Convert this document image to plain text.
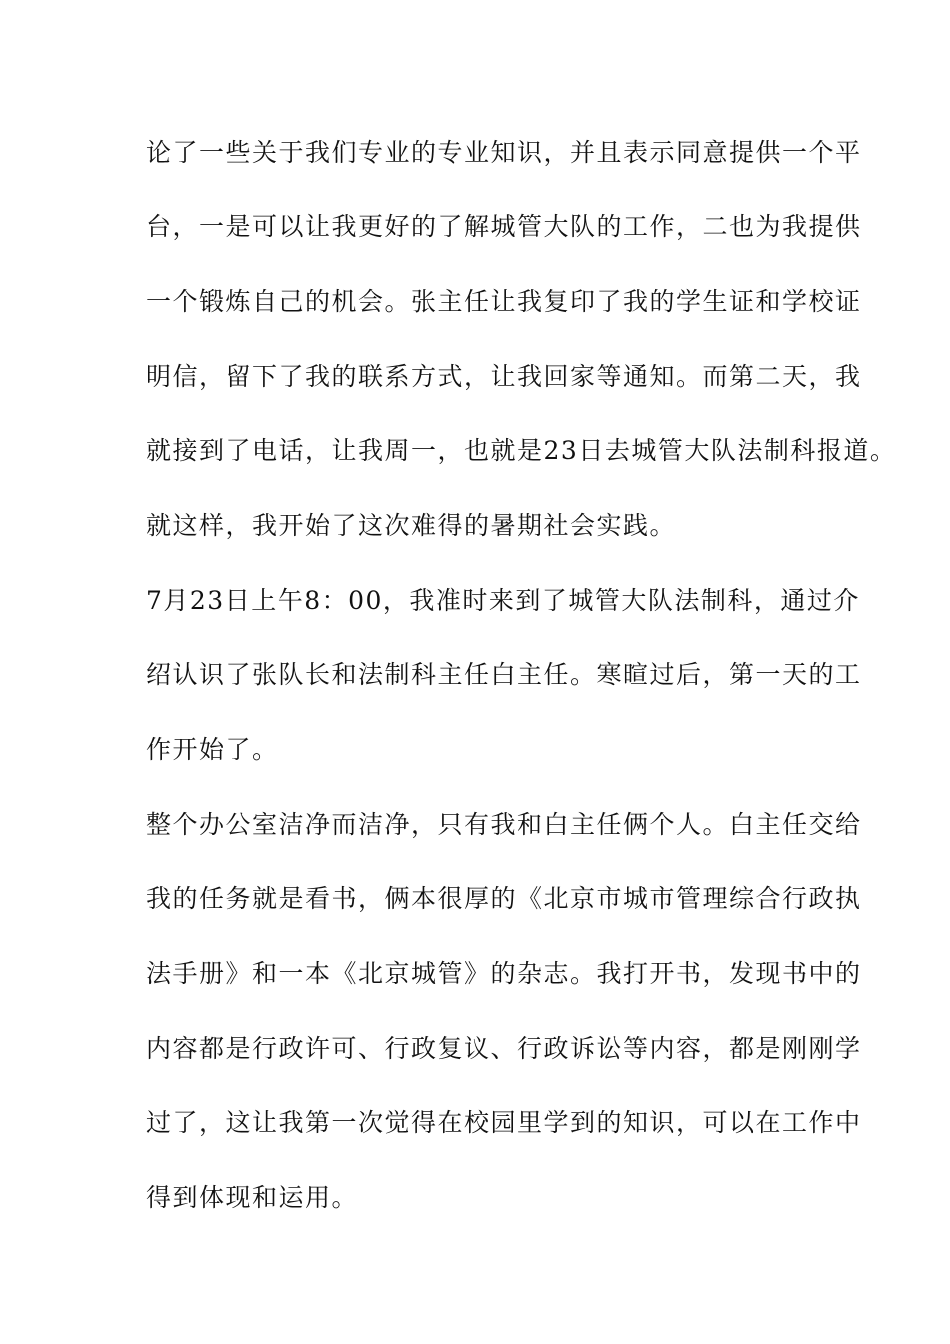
论了一些关于我们专业的专业知识，并且表示同意提供一个平

台，一是可以让我更好的了解城管大队的工作，二也为我提供

一个锻炼自己的机会。张主任让我复印了我的学生证和学校证

明信，留下了我的联系方式，让我回家等通知。而第二天，我

就接到了电话，让我周一，也就是23日去城管大队法制科报道。

就这样，我开始了这次难得的暑期社会实践。

7月23日上午8：00，我准时来到了城管大队法制科，通过介

绍认识了张队长和法制科主任白主任。寒暄过后，第一天的工

作开始了。

整个办公室洁净而洁净，只有我和白主任俩个人。白主任交给

我的任务就是看书，俩本很厚的《北京市城市管理综合行政执

法手册》和一本《北京城管》的杂志。我打开书，发现书中的

内容都是行政许可、行政复议、行政诉讼等内容，都是刚刚学

过了，这让我第一次觉得在校园里学到的知识，可以在工作中

得到体现和运用。
